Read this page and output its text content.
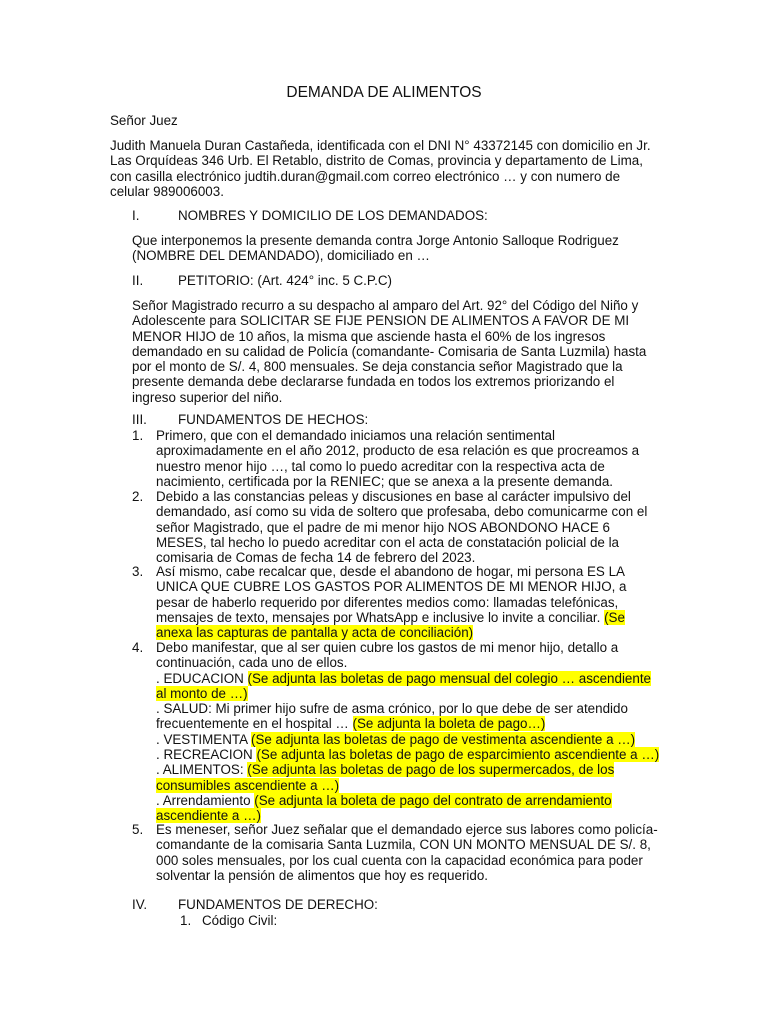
DEMANDA DE ALIMENTOS
Señor Juez
Judith Manuela Duran Castañeda, identificada con el DNI N° 43372145 con domicilio en Jr. Las Orquídeas 346 Urb. El Retablo, distrito de Comas, provincia y departamento de Lima, con casilla electrónico judtih.duran@gmail.com correo electrónico … y con numero de celular 989006003.
I.	NOMBRES Y DOMICILIO DE LOS DEMANDADOS:
Que interponemos la presente demanda contra Jorge Antonio Salloque Rodriguez (NOMBRE DEL DEMANDADO), domiciliado en …
II.	PETITORIO: (Art. 424° inc. 5 C.P.C)
Señor Magistrado recurro a su despacho al amparo del Art. 92° del Código del Niño y Adolescente para SOLICITAR SE FIJE PENSION DE ALIMENTOS A FAVOR DE MI MENOR HIJO de 10 años, la misma que asciende hasta el 60% de los ingresos demandado en su calidad de Policía (comandante- Comisaria de Santa Luzmila) hasta por el monto de S/. 4, 800 mensuales. Se deja constancia señor Magistrado que la presente demanda debe declararse fundada en todos los extremos priorizando el ingreso superior del niño.
III. FUNDAMENTOS DE HECHOS:
1. Primero, que con el demandado iniciamos una relación sentimental aproximadamente en el año 2012, producto de esa relación es que procreamos a nuestro menor hijo …, tal como lo puedo acreditar con la respectiva acta de nacimiento, certificada por la RENIEC; que se anexa a la presente demanda.
2. Debido a las constancias peleas y discusiones en base al carácter impulsivo del demandado, así como su vida de soltero que profesaba, debo comunicarme con el señor Magistrado, que el padre de mi menor hijo NOS ABONDONO HACE 6 MESES, tal hecho lo puedo acreditar con el acta de constatación policial de la comisaria de Comas de fecha 14 de febrero del 2023.
3. Así mismo, cabe recalcar que, desde el abandono de hogar, mi persona ES LA UNICA QUE CUBRE LOS GASTOS POR ALIMENTOS DE MI MENOR HIJO, a pesar de haberlo requerido por diferentes medios como: llamadas telefónicas, mensajes de texto, mensajes por WhatsApp e inclusive lo invite a conciliar. (Se anexa las capturas de pantalla y acta de conciliación)
4. Debo manifestar, que al ser quien cubre los gastos de mi menor hijo, detallo a continuación, cada uno de ellos.
. EDUCACION (Se adjunta las boletas de pago mensual del colegio … ascendiente al monto de …)
. SALUD: Mi primer hijo sufre de asma crónico, por lo que debe de ser atendido frecuentemente en el hospital … (Se adjunta la boleta de pago…)
. VESTIMENTA (Se adjunta las boletas de pago de vestimenta ascendiente a …)
. RECREACION (Se adjunta las boletas de pago de esparcimiento ascendiente a …)
. ALIMENTOS: (Se adjunta las boletas de pago de los supermercados, de los consumibles ascendiente a …)
. Arrendamiento (Se adjunta la boleta de pago del contrato de arrendamiento ascendiente a …)
5. Es meneser, señor Juez señalar que el demandado ejerce sus labores como policía-comandante de la comisaria Santa Luzmila, CON UN MONTO MENSUAL DE S/. 8, 000 soles mensuales, por los cual cuenta con la capacidad económica para poder solventar la pensión de alimentos que hoy es requerido.
IV. FUNDAMENTOS DE DERECHO:
1. Código Civil:
